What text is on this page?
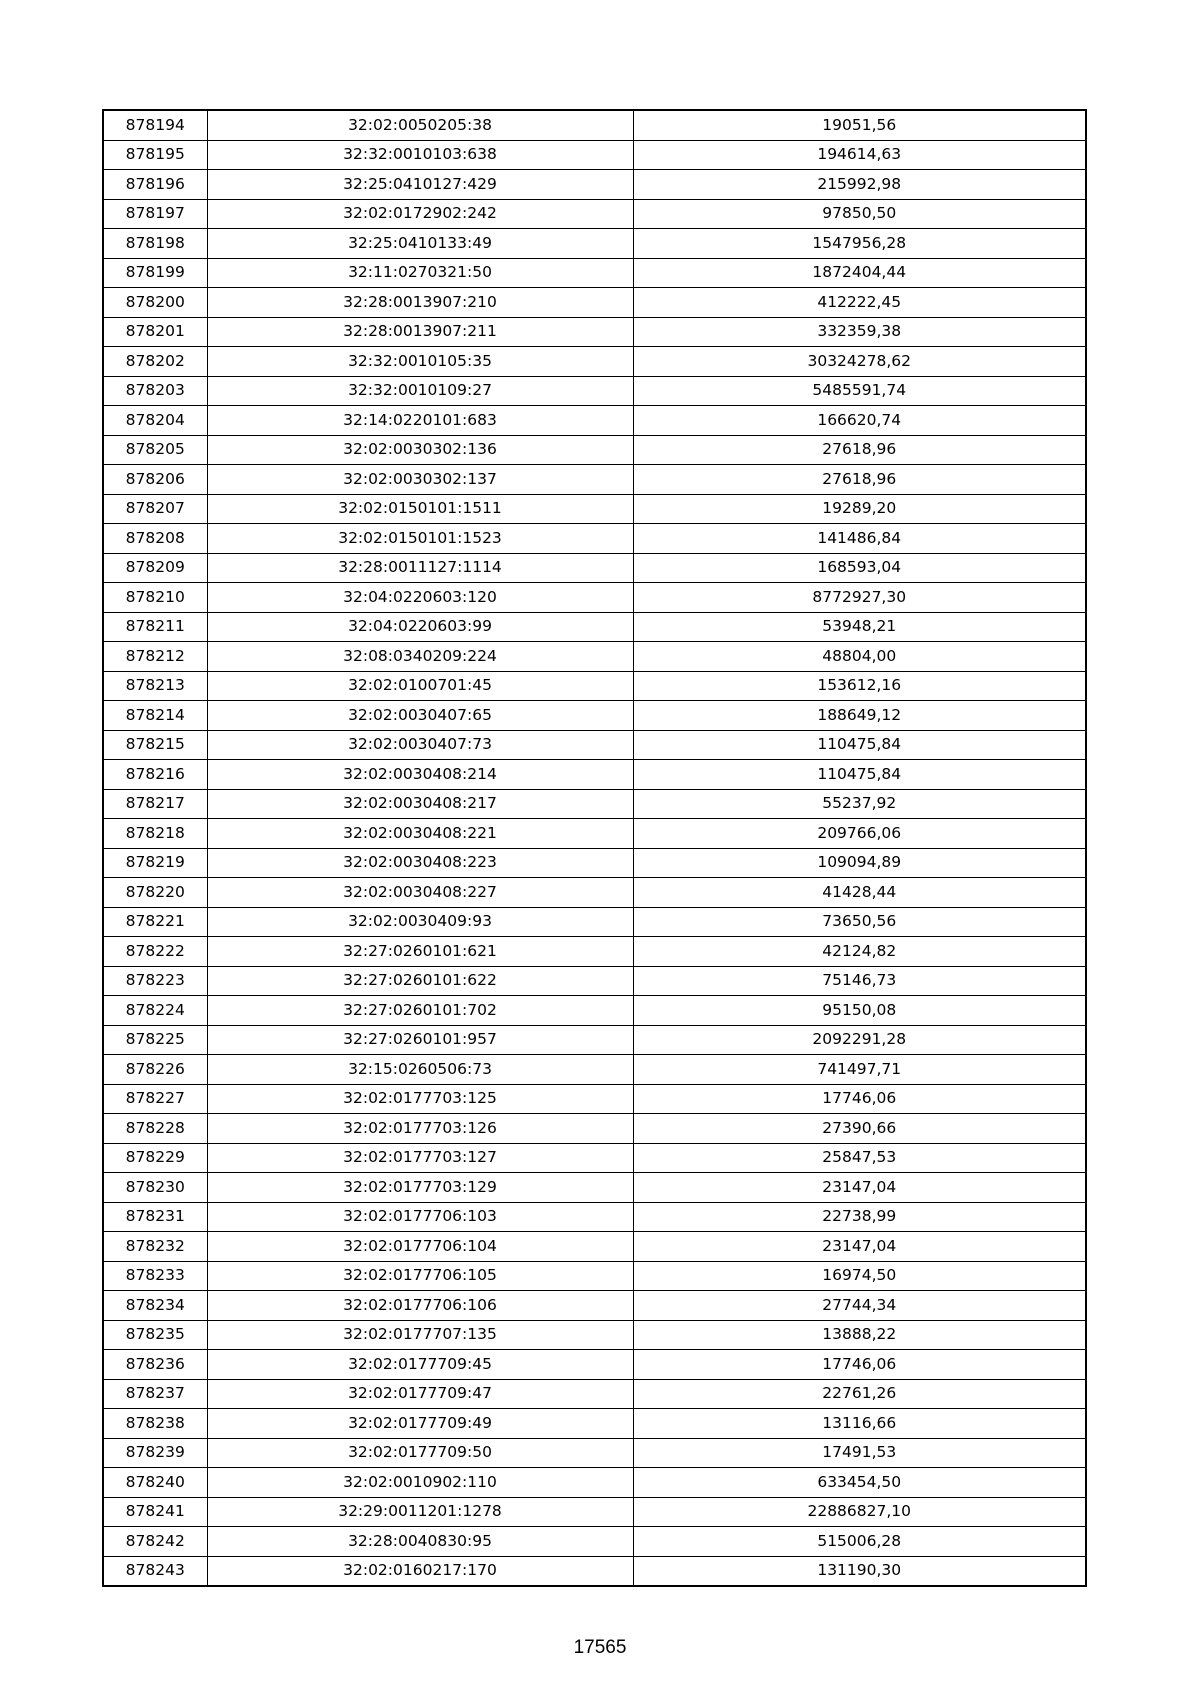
878194	32:02:0050205:38	19051,56
878195	32:32:0010103:638	194614,63
878196	32:25:0410127:429	215992,98
878197	32:02:0172902:242	97850,50
878198	32:25:0410133:49	1547956,28
878199	32:11:0270321:50	1872404,44
878200	32:28:0013907:210	412222,45
878201	32:28:0013907:211	332359,38
878202	32:32:0010105:35	30324278,62
878203	32:32:0010109:27	5485591,74
878204	32:14:0220101:683	166620,74
878205	32:02:0030302:136	27618,96
878206	32:02:0030302:137	27618,96
878207	32:02:0150101:1511	19289,20
878208	32:02:0150101:1523	141486,84
878209	32:28:0011127:1114	168593,04
878210	32:04:0220603:120	8772927,30
878211	32:04:0220603:99	53948,21
878212	32:08:0340209:224	48804,00
878213	32:02:0100701:45	153612,16
878214	32:02:0030407:65	188649,12
878215	32:02:0030407:73	110475,84
878216	32:02:0030408:214	110475,84
878217	32:02:0030408:217	55237,92
878218	32:02:0030408:221	209766,06
878219	32:02:0030408:223	109094,89
878220	32:02:0030408:227	41428,44
878221	32:02:0030409:93	73650,56
878222	32:27:0260101:621	42124,82
878223	32:27:0260101:622	75146,73
878224	32:27:0260101:702	95150,08
878225	32:27:0260101:957	2092291,28
878226	32:15:0260506:73	741497,71
878227	32:02:0177703:125	17746,06
878228	32:02:0177703:126	27390,66
878229	32:02:0177703:127	25847,53
878230	32:02:0177703:129	23147,04
878231	32:02:0177706:103	22738,99
878232	32:02:0177706:104	23147,04
878233	32:02:0177706:105	16974,50
878234	32:02:0177706:106	27744,34
878235	32:02:0177707:135	13888,22
878236	32:02:0177709:45	17746,06
878237	32:02:0177709:47	22761,26
878238	32:02:0177709:49	13116,66
878239	32:02:0177709:50	17491,53
878240	32:02:0010902:110	633454,50
878241	32:29:0011201:1278	22886827,10
878242	32:28:0040830:95	515006,28
878243	32:02:0160217:170	131190,30
17565
